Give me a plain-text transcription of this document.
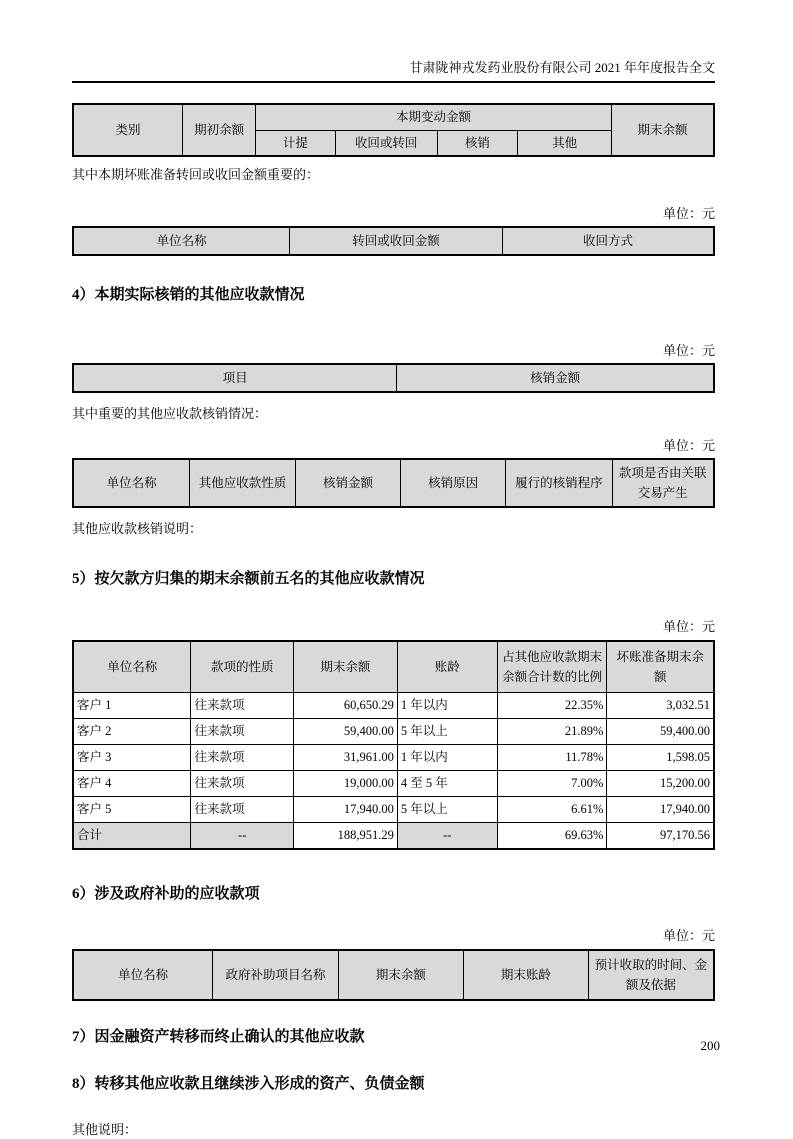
甘肃陇神戎发药业股份有限公司 2021 年年度报告全文
类别	期初余额	本期变动金额				期末余额
		计提	收回或转回	核销	其他	
其中本期坏账准备转回或收回金额重要的：
单位：元
单位名称	转回或收回金额	收回方式
4）本期实际核销的其他应收款情况
单位：元
项目	核销金额
其中重要的其他应收款核销情况：
单位：元
单位名称	其他应收款性质	核销金额	核销原因	履行的核销程序	款项是否由关联交易产生
其他应收款核销说明：
5）按欠款方归集的期末余额前五名的其他应收款情况
单位：元
单位名称	款项的性质	期末余额	账龄	占其他应收款期末余额合计数的比例	坏账准备期末余额
客户 1	往来款项	60,650.29	1 年以内	22.35%	3,032.51
客户 2	往来款项	59,400.00	5 年以上	21.89%	59,400.00
客户 3	往来款项	31,961.00	1 年以内	11.78%	1,598.05
客户 4	往来款项	19,000.00	4 至 5 年	7.00%	15,200.00
客户 5	往来款项	17,940.00	5 年以上	6.61%	17,940.00
合计	--	188,951.29	--	69.63%	97,170.56
6）涉及政府补助的应收款项
单位：元
单位名称	政府补助项目名称	期末余额	期末账龄	预计收取的时间、金额及依据
7）因金融资产转移而终止确认的其他应收款
8）转移其他应收款且继续涉入形成的资产、负债金额
其他说明：
200
